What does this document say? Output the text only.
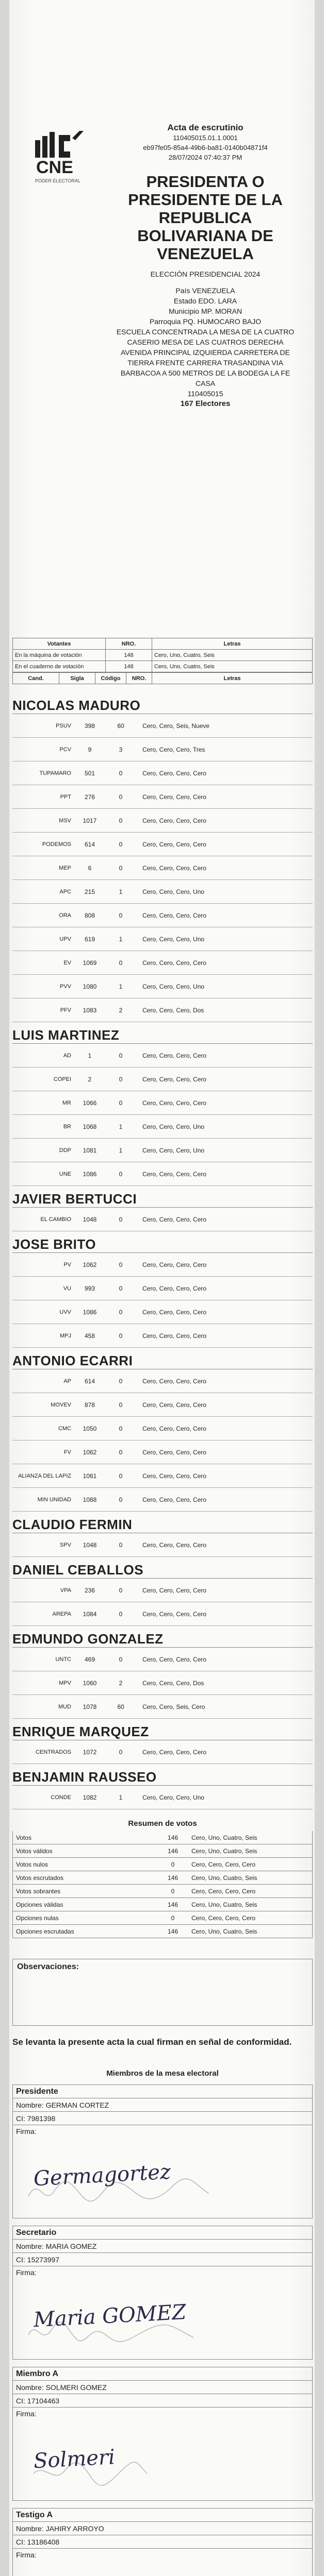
CNE
PODER ELECTORAL
Acta de escrutinio
110405015.01.1.0001
eb97fe05-85a4-49b6-ba81-0140b04871f4
28/07/2024 07:40:37 PM
PRESIDENTA O PRESIDENTE DE LA REPUBLICA BOLIVARIANA DE VENEZUELA
ELECCIÓN PRESIDENCIAL 2024
País VENEZUELA
Estado EDO. LARA
Municipio MP. MORAN
Parroquia PQ. HUMOCARO BAJO
ESCUELA CONCENTRADA LA MESA DE LA CUATRO
CASERIO MESA DE LAS CUATROS DERECHA AVENIDA PRINCIPAL IZQUIERDA CARRETERA DE TIERRA FRENTE CARRERA TRASANDINA VIA BARBACOA A 500 METROS DE LA BODEGA LA FE CASA
110405015
167 Electores
Votantes	NRO.	Letras
En la máquina de votación	148	Cero, Uno, Cuatro, Seis
En el cuaderno de votación	148	Cero, Uno, Cuatro, Seis
Cand.	Sigla	Código	NRO.	Letras
NICOLAS MADURO
PSUV	398	60	Cero, Cero, Seis, Nueve
PCV	9	3	Cero, Cero, Cero, Tres
TUPAMARO	501	0	Cero, Cero, Cero, Cero
PPT	276	0	Cero, Cero, Cero, Cero
MSV	1017	0	Cero, Cero, Cero, Cero
PODEMOS	614	0	Cero, Cero, Cero, Cero
MEP	6	0	Cero, Cero, Cero, Cero
APC	215	1	Cero, Cero, Cero, Uno
ORA	808	0	Cero, Cero, Cero, Cero
UPV	619	1	Cero, Cero, Cero, Uno
EV	1069	0	Cero, Cero, Cero, Cero
PVV	1080	1	Cero, Cero, Cero, Uno
PFV	1083	2	Cero, Cero, Cero, Dos
LUIS MARTINEZ
AD	1	0	Cero, Cero, Cero, Cero
COPEI	2	0	Cero, Cero, Cero, Cero
MR	1066	0	Cero, Cero, Cero, Cero
BR	1068	1	Cero, Cero, Cero, Uno
DDP	1081	1	Cero, Cero, Cero, Uno
UNE	1086	0	Cero, Cero, Cero, Cero
JAVIER BERTUCCI
EL CAMBIO	1048	0	Cero, Cero, Cero, Cero
JOSE BRITO
PV	1062	0	Cero, Cero, Cero, Cero
VU	993	0	Cero, Cero, Cero, Cero
UVV	1086	0	Cero, Cero, Cero, Cero
MPJ	458	0	Cero, Cero, Cero, Cero
ANTONIO ECARRI
AP	614	0	Cero, Cero, Cero, Cero
MOVEV	878	0	Cero, Cero, Cero, Cero
CMC	1050	0	Cero, Cero, Cero, Cero
FV	1062	0	Cero, Cero, Cero, Cero
ALIANZA DEL LAPIZ	1061	0	Cero, Cero, Cero, Cero
MIN UNIDAD	1088	0	Cero, Cero, Cero, Cero
CLAUDIO FERMIN
SPV	1048	0	Cero, Cero, Cero, Cero
DANIEL CEBALLOS
VPA	236	0	Cero, Cero, Cero, Cero
AREPA	1084	0	Cero, Cero, Cero, Cero
EDMUNDO GONZALEZ
UNTC	469	0	Cero, Cero, Cero, Cero
MPV	1060	2	Cero, Cero, Cero, Dos
MUD	1078	60	Cero, Cero, Seis, Cero
ENRIQUE MARQUEZ
CENTRADOS	1072	0	Cero, Cero, Cero, Cero
BENJAMIN RAUSSEO
CONDE	1082	1	Cero, Cero, Cero, Uno
Resumen de votos
Votos	146	Cero, Uno, Cuatro, Seis
Votos válidos	146	Cero, Uno, Cuatro, Seis
Votos nulos	0	Cero, Cero, Cero, Cero
Votos escrutados	146	Cero, Uno, Cuatro, Seis
Votos sobrantes	0	Cero, Cero, Cero, Cero
Opciones válidas	146	Cero, Uno, Cuatro, Seis
Opciones nulas	0	Cero, Cero, Cero, Cero
Opciones escrutadas	146	Cero, Uno, Cuatro, Seis
Observaciones:
Se levanta la presente acta la cual firman en señal de conformidad.
Miembros de la mesa electoral
Presidente
Nombre: GERMAN CORTEZ
CI: 7981398
Firma:
Germagortez
Secretario
Nombre: MARIA GOMEZ
CI: 15273997
Firma:
Maria GOMEZ
Miembro A
Nombre: SOLMERI GOMEZ
CI: 17104463
Firma:
Solmeri
Testigo A
Nombre: JAHIRY ARROYO
CI: 13186408
Firma:
